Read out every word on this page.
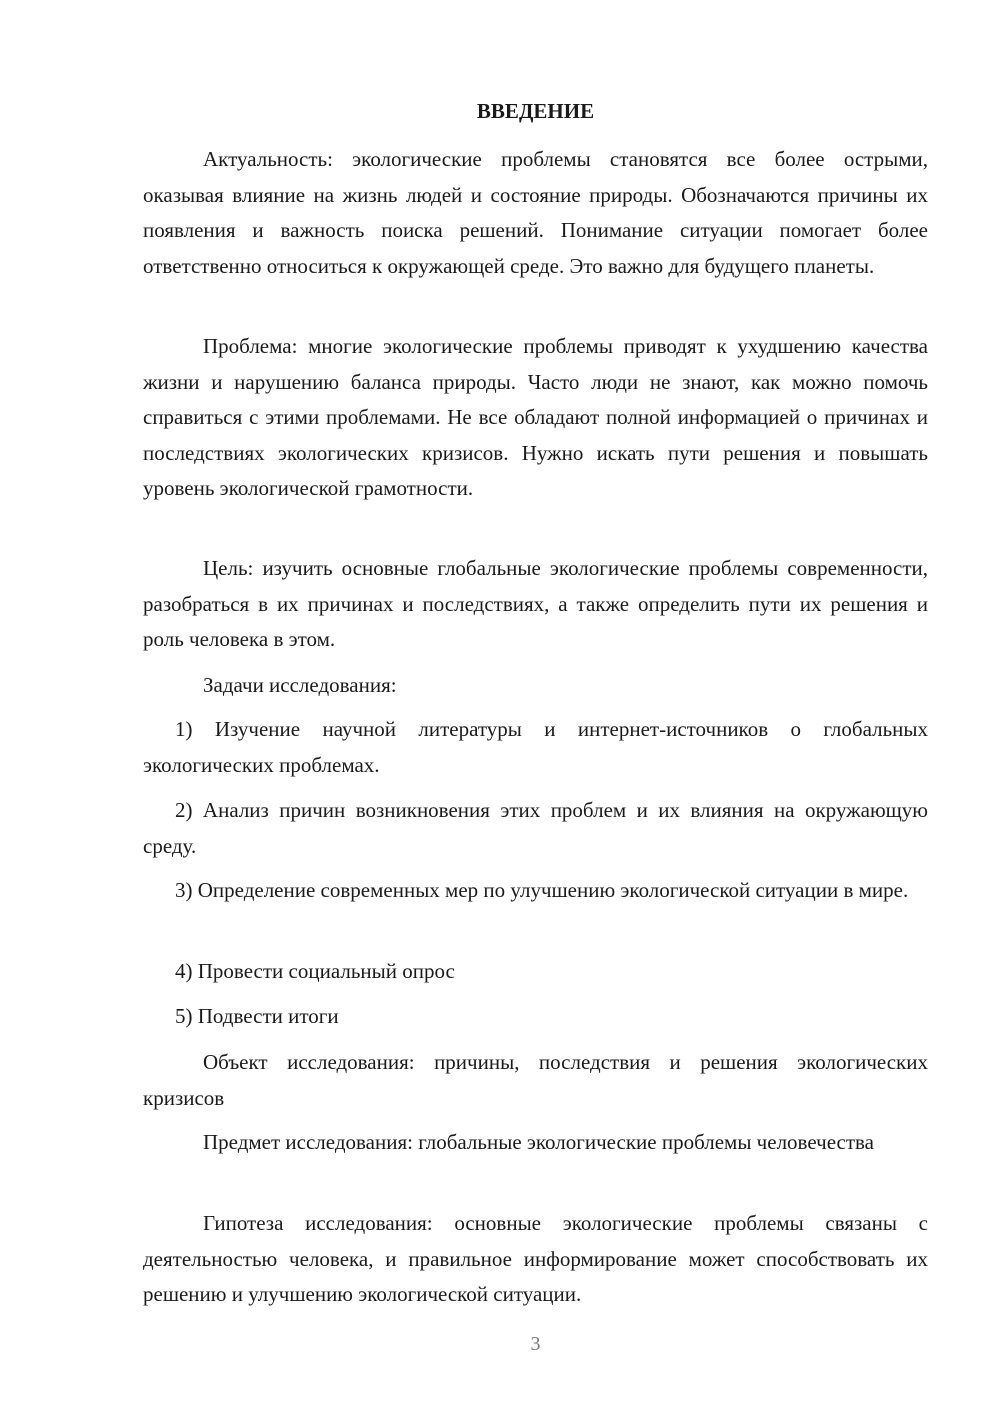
ВВЕДЕНИЕ

Актуальность: экологические проблемы становятся все более острыми, оказывая влияние на жизнь людей и состояние природы. Обозначаются причины их появления и важность поиска решений. Понимание ситуации помогает более ответственно относиться к окружающей среде. Это важно для будущего планеты.

Проблема: многие экологические проблемы приводят к ухудшению качества жизни и нарушению баланса природы. Часто люди не знают, как можно помочь справиться с этими проблемами. Не все обладают полной информацией о причинах и последствиях экологических кризисов. Нужно искать пути решения и повышать уровень экологической грамотности.

Цель: изучить основные глобальные экологические проблемы современности, разобраться в их причинах и последствиях, а также определить пути их решения и роль человека в этом.

Задачи исследования:

1) Изучение научной литературы и интернет-источников о глобальных экологических проблемах.

2) Анализ причин возникновения этих проблем и их влияния на окружающую среду.

3) Определение современных мер по улучшению экологической ситуации в мире.

4) Провести социальный опрос

5) Подвести итоги

Объект исследования: причины, последствия и решения экологических кризисов

Предмет исследования: глобальные экологические проблемы человечества

Гипотеза исследования: основные экологические проблемы связаны с деятельностью человека, и правильное информирование может способствовать их решению и улучшению экологической ситуации.

3
